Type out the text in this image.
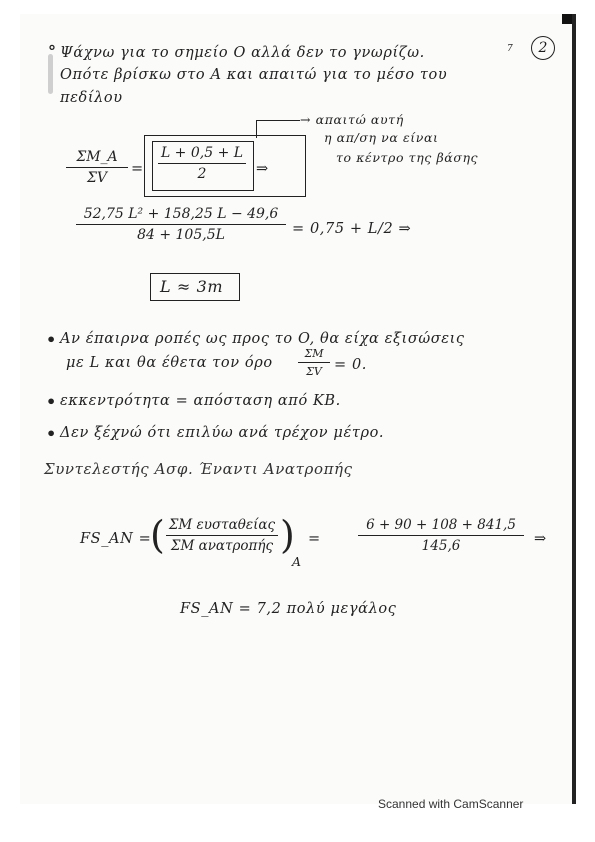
2
7
° Ψάχνω για το σημείο O αλλά δεν το γνωρίζω.
Οπότε βρίσκω στο A και απαιτώ για το μέσο του
πεδίλου
ΣM_A
ΣV
=
L + 0,5 + L
2	⇒
→ απαιτώ αυτή
η απ/ση να είναι
το κέντρο της βάσης
52,75 L² + 158,25 L − 49,6
84 + 105,5L	= 0,75 + L/2 ⇒
L ≈ 3m
• Αν έπαιρνα ροπές ως προς το O, θα είχα εξισώσεις
με L και θα έθετα τον όρο
ΣM
ΣV = 0.
• εκκεντρότητα = απόσταση από KB.
• Δεν ξέχνώ ότι επιλύω ανά τρέχον μέτρο.
Συντελεστής Ασφ. Έναντι Ανατροπής
FS_AN =
( ΣM ευσταθείας
ΣM ανατροπής )
A
=
6 + 90 + 108 + 841,5
145,6	⇒
FS_AN = 7,2 πολύ μεγάλος
Scanned with CamScanner
